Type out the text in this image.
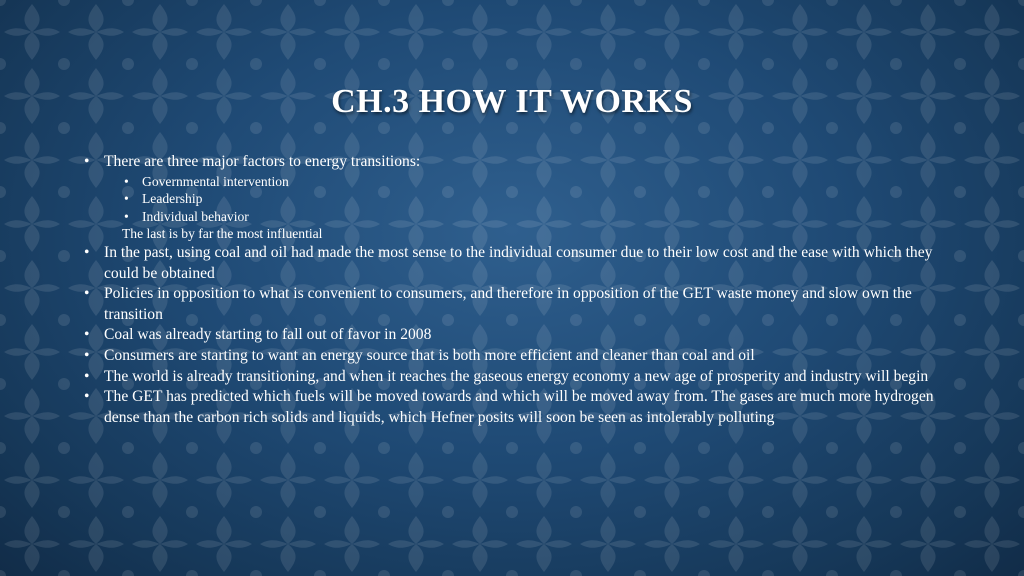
CH.3 HOW IT WORKS
• There are three major factors to energy transitions:
• Governmental intervention
• Leadership
• Individual behavior
The last is by far the most influential
• In the past, using coal and oil had made the most sense to the individual consumer due to their low cost and the ease with which they could be obtained
• Policies in opposition to what is convenient to consumers, and therefore in opposition of the GET waste money and slow own the transition
• Coal was already starting to fall out of favor in 2008
• Consumers are starting to want an energy source that is both more efficient and cleaner than coal and oil
• The world is already transitioning, and when it reaches the gaseous energy economy a new age of prosperity and industry will begin
• The GET has predicted which fuels will be moved towards and which will be moved away from. The gases are much more hydrogen dense than the carbon rich solids and liquids, which Hefner posits will soon be seen as intolerably polluting
